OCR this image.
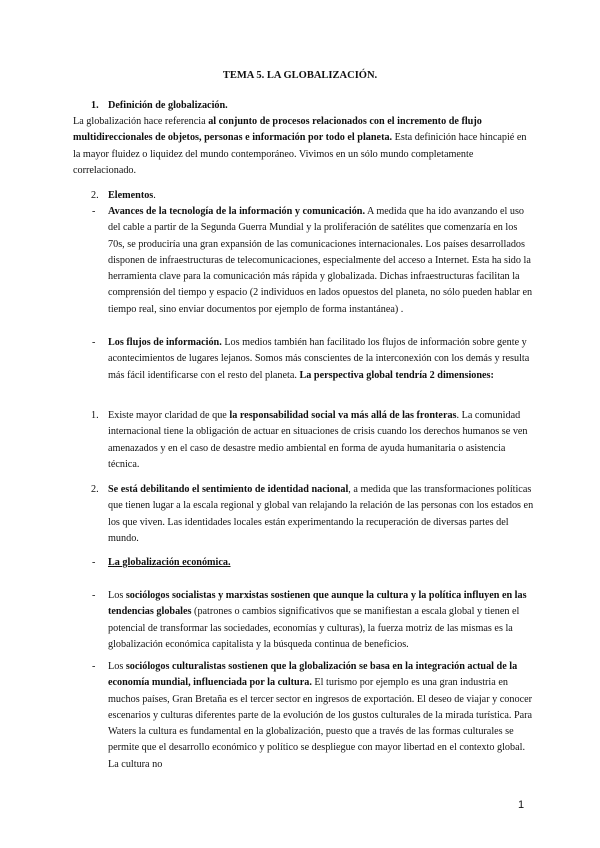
TEMA 5. LA GLOBALIZACIÓN.
1. Definición de globalización.
La globalización hace referencia al conjunto de procesos relacionados con el incremento de flujo multidireccionales de objetos, personas e información por todo el planeta. Esta definición hace hincapié en la mayor fluidez o liquidez del mundo contemporáneo. Vivimos en un sólo mundo completamente correlacionado.
2. Elementos.
- Avances de la tecnología de la información y comunicación. A medida que ha ido avanzando el uso del cable a partir de la Segunda Guerra Mundial y la proliferación de satélites que comenzaría en los 70s, se produciría una gran expansión de las comunicaciones internacionales. Los países desarrollados disponen de infraestructuras de telecomunicaciones, especialmente del acceso a Internet. Esta ha sido la herramienta clave para la comunicación más rápida y globalizada. Dichas infraestructuras facilitan la comprensión del tiempo y espacio (2 individuos en lados opuestos del planeta, no sólo pueden hablar en tiempo real, sino enviar documentos por ejemplo de forma instantánea) .
- Los flujos de información. Los medios también han facilitado los flujos de información sobre gente y acontecimientos de lugares lejanos. Somos más conscientes de la interconexión con los demás y resulta más fácil identificarse con el resto del planeta. La perspectiva global tendría 2 dimensiones:
1. Existe mayor claridad de que la responsabilidad social va más allá de las fronteras. La comunidad internacional tiene la obligación de actuar en situaciones de crisis cuando los derechos humanos se ven amenazados y en el caso de desastre medio ambiental en forma de ayuda humanitaria o asistencia técnica.
2. Se está debilitando el sentimiento de identidad nacional, a medida que las transformaciones políticas que tienen lugar a la escala regional y global van relajando la relación de las personas con los estados en los que viven. Las identidades locales están experimentando la recuperación de diversas partes del mundo.
- La globalización económica.
- Los sociólogos socialistas y marxistas sostienen que aunque la cultura y la política influyen en las tendencias globales (patrones o cambios significativos que se manifiestan a escala global y tienen el potencial de transformar las sociedades, economías y culturas), la fuerza motriz de las mismas es la globalización económica capitalista y la búsqueda continua de beneficios.
- Los sociólogos culturalistas sostienen que la globalización se basa en la integración actual de la economía mundial, influenciada por la cultura. El turismo por ejemplo es una gran industria en muchos países, Gran Bretaña es el tercer sector en ingresos de exportación. El deseo de viajar y conocer escenarios y culturas diferentes parte de la evolución de los gustos culturales de la mirada turística. Para Waters la cultura es fundamental en la globalización, puesto que a través de las formas culturales se permite que el desarrollo económico y político se despliegue con mayor libertad en el contexto global. La cultura no
1
